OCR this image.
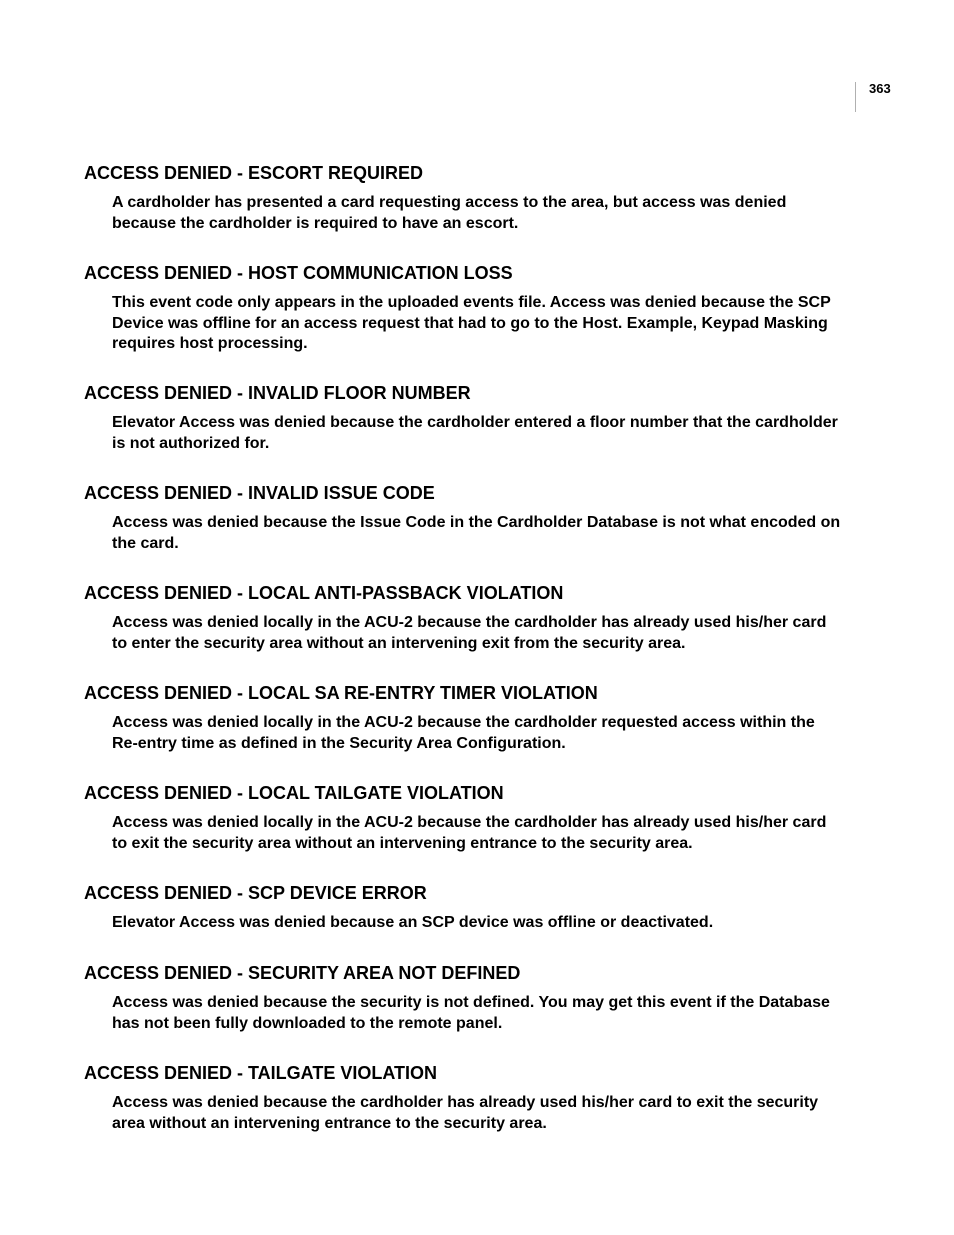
363
ACCESS DENIED - ESCORT REQUIRED

A cardholder has presented a card requesting access to the area, but access was denied because the cardholder is required to have an escort.

ACCESS DENIED - HOST COMMUNICATION LOSS

This event code only appears in the uploaded events file. Access was denied because the SCP Device was offline for an access request that had to go to the Host. Example, Keypad Masking requires host processing.

ACCESS DENIED - INVALID FLOOR NUMBER

Elevator Access was denied because the cardholder entered a floor number that the cardholder is not authorized for.

ACCESS DENIED - INVALID ISSUE CODE

Access was denied because the Issue Code in the Cardholder Database is not what encoded on the card.

ACCESS DENIED - LOCAL ANTI-PASSBACK VIOLATION

Access was denied locally in the ACU-2 because the cardholder has already used his/her card to enter the security area without an intervening exit from the security area.

ACCESS DENIED - LOCAL SA RE-ENTRY TIMER VIOLATION

Access was denied locally in the ACU-2 because the cardholder requested access within the Re-entry time as defined in the Security Area Configuration.

ACCESS DENIED - LOCAL TAILGATE VIOLATION

Access was denied locally in the ACU-2 because the cardholder has already used his/her card to exit the security area without an intervening entrance to the security area.

ACCESS DENIED - SCP DEVICE ERROR

Elevator Access was denied because an SCP device was offline or deactivated.

ACCESS DENIED - SECURITY AREA NOT DEFINED

Access was denied because the security is not defined. You may get this event if the Database has not been fully downloaded to the remote panel.

ACCESS DENIED - TAILGATE VIOLATION

Access was denied because the cardholder has already used his/her card to exit the security area without an intervening entrance to the security area.
